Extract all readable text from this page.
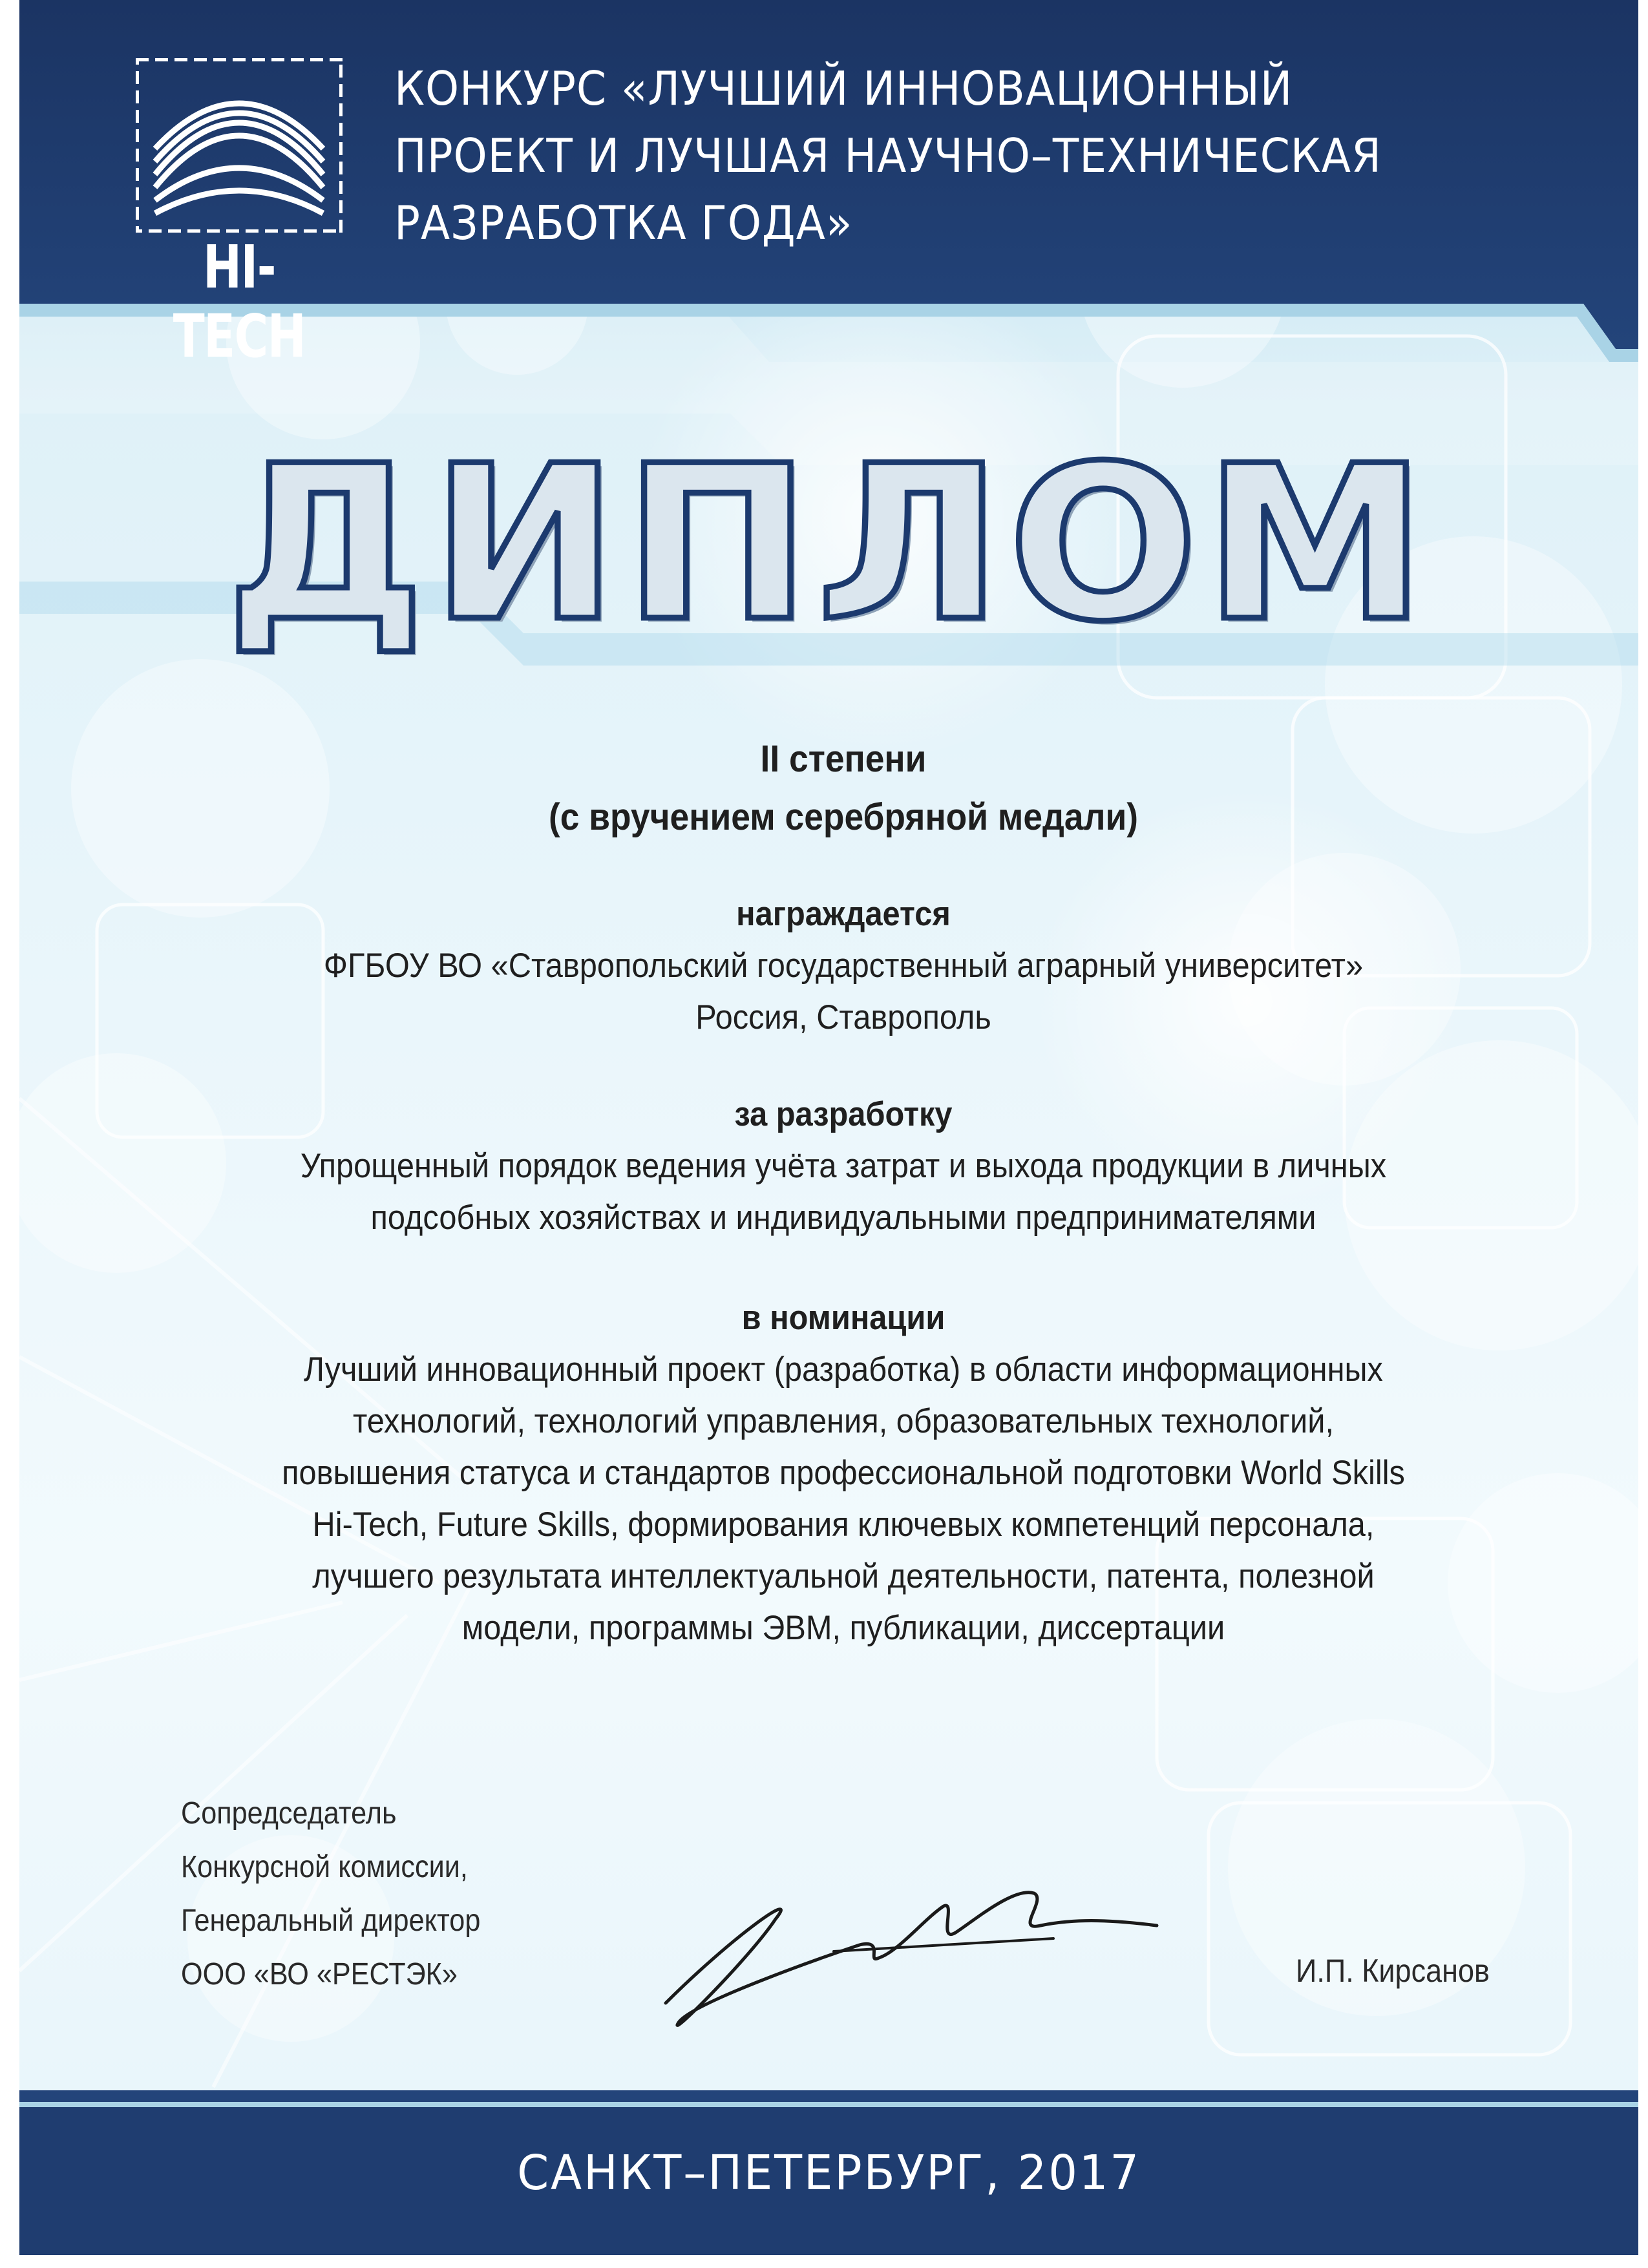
HI-TECH
КОНКУРС «ЛУЧШИЙ ИННОВАЦИОННЫЙ
ПРОЕКТ И ЛУЧШАЯ НАУЧНО–ТЕХНИЧЕСКАЯ
РАЗРАБОТКА ГОДА»
ДИПЛОМ
II степени
(с вручением серебряной медали)
награждается
ФГБОУ ВО «Ставропольский государственный аграрный университет»
Россия, Ставрополь
за разработку
Упрощенный порядок ведения учёта затрат и выхода продукции в личных
подсобных хозяйствах и индивидуальными предпринимателями
в номинации
Лучший инновационный проект (разработка) в области информационных
технологий, технологий управления, образовательных технологий,
повышения статуса и стандартов профессиональной подготовки World Skills
Hi-Tech, Future Skills, формирования ключевых компетенций персонала,
лучшего результата интеллектуальной деятельности, патента, полезной
модели, программы ЭВМ, публикации, диссертации
Сопредседатель
Конкурсной комиссии,
Генеральный директор
ООО «ВО «РЕСТЭК»	И.П. Кирсанов
САНКТ–ПЕТЕРБУРГ, 2017
